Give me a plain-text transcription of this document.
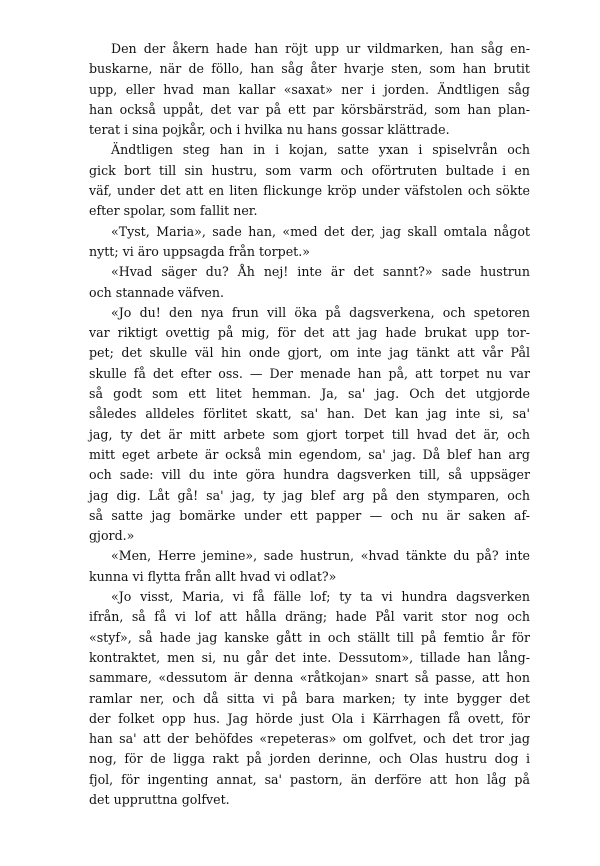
Den der åkern hade han röjt upp ur vildmarken, han såg en-
buskarne, när de föllo, han såg åter hvarje sten, som han brutit
upp, eller hvad man kallar «saxat» ner i jorden. Ändtligen såg
han också uppåt, det var på ett par körsbärsträd, som han plan-
terat i sina pojkår, och i hvilka nu hans gossar klättrade.
Ändtligen steg han in i kojan, satte yxan i spiselvrån och
gick bort till sin hustru, som varm och oförtruten bultade i en
väf, under det att en liten flickunge kröp under väfstolen och sökte
efter spolar, som fallit ner.
«Tyst, Maria», sade han, «med det der, jag skall omtala något
nytt; vi äro uppsagda från torpet.»
«Hvad säger du? Åh nej! inte är det sannt?» sade hustrun
och stannade väfven.
«Jo du! den nya frun vill öka på dagsverkena, och spetoren
var riktigt ovettig på mig, för det att jag hade brukat upp tor-
pet; det skulle väl hin onde gjort, om inte jag tänkt att vår Pål
skulle få det efter oss. — Der menade han på, att torpet nu var
så godt som ett litet hemman. Ja, sa' jag. Och det utgjorde
således alldeles förlitet skatt, sa' han. Det kan jag inte si, sa'
jag, ty det är mitt arbete som gjort torpet till hvad det är, och
mitt eget arbete är också min egendom, sa' jag. Då blef han arg
och sade: vill du inte göra hundra dagsverken till, så uppsäger
jag dig. Låt gå! sa' jag, ty jag blef arg på den stymparen, och
så satte jag bomärke under ett papper — och nu är saken af-
gjord.»
«Men, Herre jemine», sade hustrun, «hvad tänkte du på? inte
kunna vi flytta från allt hvad vi odlat?»
«Jo visst, Maria, vi få fälle lof; ty ta vi hundra dagsverken
ifrån, så få vi lof att hålla dräng; hade Pål varit stor nog och
«styf», så hade jag kanske gått in och ställt till på femtio år för
kontraktet, men si, nu går det inte. Dessutom», tillade han lång-
sammare, «dessutom är denna «råtkojan» snart så passe, att hon
ramlar ner, och då sitta vi på bara marken; ty inte bygger det
der folket opp hus. Jag hörde just Ola i Kärrhagen få ovett, för
han sa' att der behöfdes «repeteras» om golfvet, och det tror jag
nog, för de ligga rakt på jorden derinne, och Olas hustru dog i
fjol, för ingenting annat, sa' pastorn, än derföre att hon låg på
det uppruttna golfvet.
